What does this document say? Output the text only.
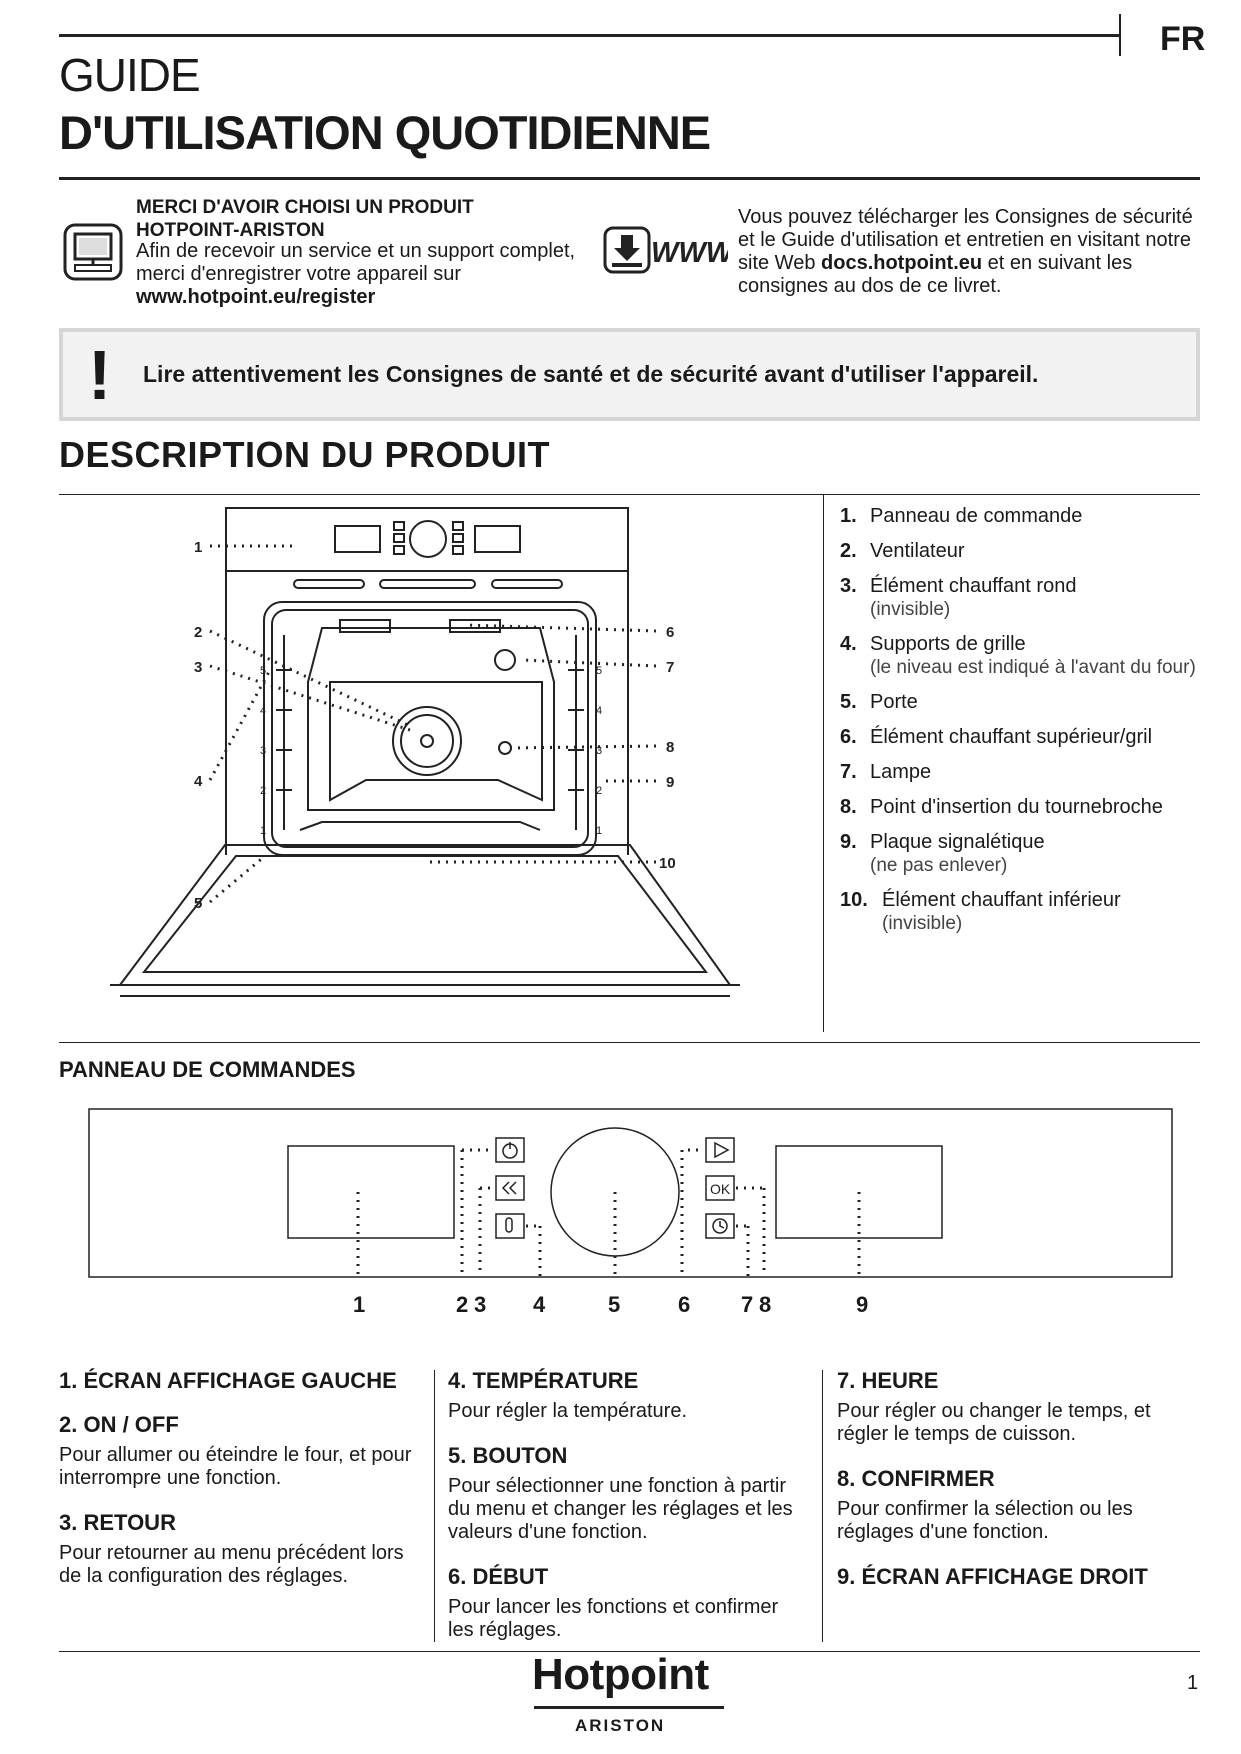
FR
GUIDE
D'UTILISATION QUOTIDIENNE
MERCI D'AVOIR CHOISI UN PRODUIT HOTPOINT-ARISTON
Afin de recevoir un service et un support complet, merci d'enregistrer votre appareil sur www.hotpoint.eu/register
WWW
Vous pouvez télécharger les Consignes de sécurité et le Guide d'utilisation et entretien en visitant notre site Web docs.hotpoint.eu et en suivant les consignes au dos de ce livret.
! Lire attentivement les Consignes de santé et de sécurité avant d'utiliser l'appareil.
DESCRIPTION DU PRODUIT
1
2
3
4
5
6
7
8
9
10
5
4
3
2
1
5
4
3
2
1
1. Panneau de commande
2. Ventilateur
3. Élément chauffant rond
(invisible)
4. Supports de grille
(le niveau est indiqué à l'avant du four)
5. Porte
6. Élément chauffant supérieur/gril
7. Lampe
8. Point d'insertion du tournebroche
9. Plaque signalétique
(ne pas enlever)
10. Élément chauffant inférieur
(invisible)
PANNEAU DE COMMANDES
OK
1	2 3 4	5	6 7 8	9
1. ÉCRAN AFFICHAGE GAUCHE
2. ON / OFF
Pour allumer ou éteindre le four, et pour interrompre une fonction.
3. RETOUR
Pour retourner au menu précédent lors de la configuration des réglages.
4. TEMPÉRATURE
Pour régler la température.
5. BOUTON
Pour sélectionner une fonction à partir du menu et changer les réglages et les valeurs d'une fonction.
6. DÉBUT
Pour lancer les fonctions et confirmer les réglages.
7. HEURE
Pour régler ou changer le temps, et régler le temps de cuisson.
8. CONFIRMER
Pour confirmer la sélection ou les réglages d'une fonction.
9. ÉCRAN AFFICHAGE DROIT
Hotpoint
ARISTON
1
